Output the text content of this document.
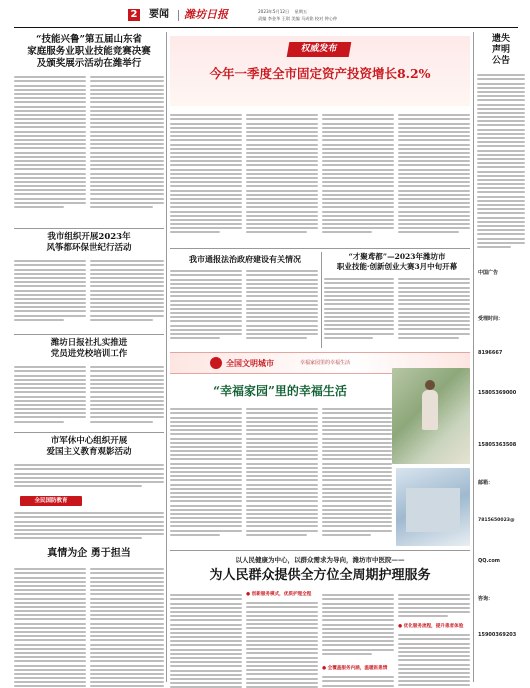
2 要闻 潍坊日报	2023年5月12日 星期五
责编 李金华 王琪 美编 马成铭 校对 钟心仲
“技能兴鲁”第五届山东省
家庭服务业职业技能竞赛决赛
及颁奖展示活动在潍举行
我市组织开展2023年
风筝都环保世纪行活动
潍坊日报社扎实推进
党员进党校培训工作
市军休中心组织开展
爱国主义教育观影活动
全民国防教育
真情为企 勇于担当
权威发布
今年一季度全市固定资产投资增长8.2%
我市通报法治政府建设有关情况	“才聚鸢都”—2023年潍坊市
职业技能·创新创业大赛3月中旬开幕
全国文明城市	幸福家园里的幸福生活
“幸福家园”里的幸福生活
以人民健康为中心，以群众需求为导向，潍坊市中医院——
为人民群众提供全方位全周期护理服务
● 创新服务模式，优质护理全程
● 全覆盖服务内涵，温暖医患情
● 优化服务流程，提升患者体验
遗失
声明
公告
中国广告
受理时间：
8196667
15805369000
15805363508
邮箱：
7815650023@
QQ.com
咨询：
15900369203
